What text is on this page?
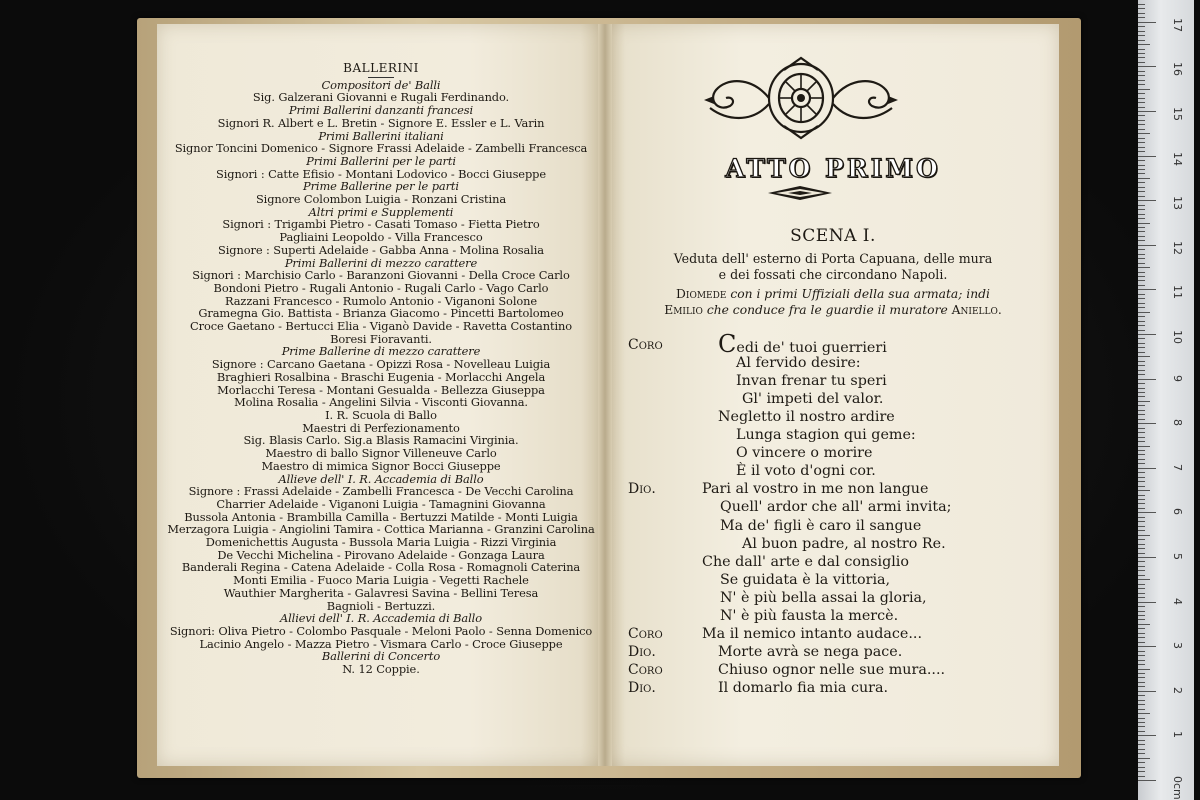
BALLERINI
Compositori de' Balli
Sig. Galzerani Giovanni e Rugali Ferdinando.
Primi Ballerini danzanti francesi
Signori R. Albert e L. Bretin - Signore E. Essler e L. Varin
Primi Ballerini italiani
Signor Toncini Domenico - Signore Frassi Adelaide - Zambelli Francesca
Primi Ballerini per le parti
Signori : Catte Efisio - Montani Lodovico - Bocci Giuseppe
Prime Ballerine per le parti
Signore Colombon Luigia - Ronzani Cristina
Altri primi e Supplementi
Signori : Trigambi Pietro - Casati Tomaso - Fietta Pietro
Pagliaini Leopoldo - Villa Francesco
Signore : Superti Adelaide - Gabba Anna - Molina Rosalia
Primi Ballerini di mezzo carattere
Signori : Marchisio Carlo - Baranzoni Giovanni - Della Croce Carlo
Bondoni Pietro - Rugali Antonio - Rugali Carlo - Vago Carlo
Razzani Francesco - Rumolo Antonio - Viganoni Solone
Gramegna Gio. Battista - Brianza Giacomo - Pincetti Bartolomeo
Croce Gaetano - Bertucci Elia - Viganò Davide - Ravetta Costantino
Boresi Fioravanti.
Prime Ballerine di mezzo carattere
Signore : Carcano Gaetana - Opizzi Rosa - Novelleau Luigia
Braghieri Rosalbina - Braschi Eugenia - Morlacchi Angela
Morlacchi Teresa - Montani Gesualda - Bellezza Giuseppa
Molina Rosalia - Angelini Silvia - Visconti Giovanna.
I. R. Scuola di Ballo
Maestri di Perfezionamento
Sig. Blasis Carlo. Sig.a Blasis Ramacini Virginia.
Maestro di ballo Signor Villeneuve Carlo
Maestro di mimica Signor Bocci Giuseppe
Allieve dell' I. R. Accademia di Ballo
Signore : Frassi Adelaide - Zambelli Francesca - De Vecchi Carolina
Charrier Adelaide - Viganoni Luigia - Tamagnini Giovanna
Bussola Antonia - Brambilla Camilla - Bertuzzi Matilde - Monti Luigia
Merzagora Luigia - Angiolini Tamira - Cottica Marianna - Granzini Carolina
Domenichettis Augusta - Bussola Maria Luigia - Rizzi Virginia
De Vecchi Michelina - Pirovano Adelaide - Gonzaga Laura
Banderali Regina - Catena Adelaide - Colla Rosa - Romagnoli Caterina
Monti Emilia - Fuoco Maria Luigia - Vegetti Rachele
Wauthier Margherita - Galavresi Savina - Bellini Teresa
Bagnioli - Bertuzzi.
Allievi dell' I. R. Accademia di Ballo
Signori: Oliva Pietro - Colombo Pasquale - Meloni Paolo - Senna Domenico
Lacinio Angelo - Mazza Pietro - Vismara Carlo - Croce Giuseppe
Ballerini di Concerto
N. 12 Coppie.
ATTO PRIMO
SCENA I.
Veduta dell' esterno di Porta Capuana, delle mura
e dei fossati che circondano Napoli.
Diomede con i primi Uffiziali della sua armata; indi
Emilio che conduce fra le guardie il muratore Aniello.
Coro Cedi de' tuoi guerrieri
Al fervido desire:
Invan frenar tu speri
Gl' impeti del valor.
Negletto il nostro ardire
Lunga stagion qui geme:
O vincere o morire
È il voto d'ogni cor.
Dio.	Pari al vostro in me non langue
Quell' ardor che all' armi invita;
Ma de' figli è caro il sangue
Al buon padre, al nostro Re.
Che dall' arte e dal consiglio
Se guidata è la vittoria,
N' è più bella assai la gloria,
N' è più fausta la mercè.
Coro	Ma il nemico intanto audace...
Dio.	Morte avrà se nega pace.
Coro	Chiuso ognor nelle sue mura....
Dio.	Il domarlo fia mia cura.
0cm
1
2
3
4
5
6
7
8
9
10
11
12
13
14
15
16
17
